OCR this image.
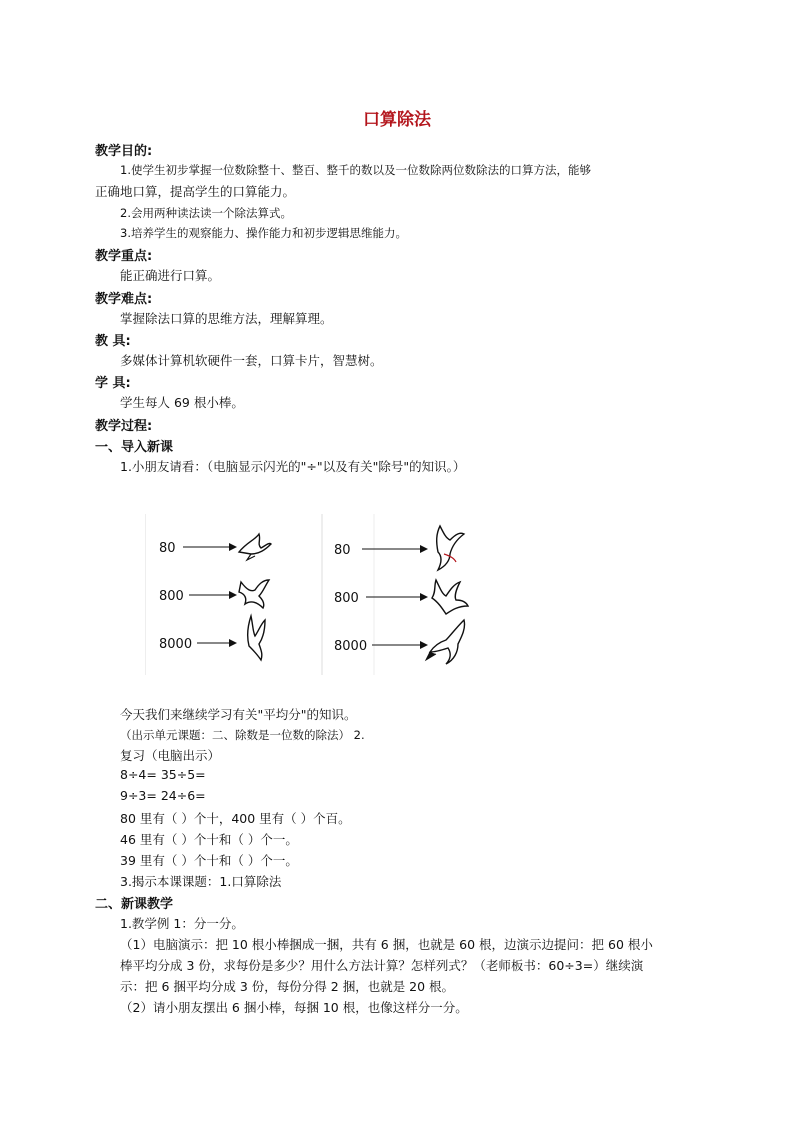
口算除法
教学目的:
1.使学生初步掌握一位数除整十、整百、整千的数以及一位数除两位数除法的口算方法，能够
正确地口算，提高学生的口算能力。
2.会用两种读法读一个除法算式。
3.培养学生的观察能力、操作能力和初步逻辑思维能力。
教学重点:
能正确进行口算。
教学难点:
掌握除法口算的思维方法，理解算理。
教 具:
多媒体计算机软硬件一套，口算卡片，智慧树。
学 具:
学生每人 69 根小棒。
教学过程:
一、导入新课
1.小朋友请看：（电脑显示闪光的"÷"以及有关"除号"的知识。）
80
800
8000
80
800
8000
今天我们来继续学习有关"平均分"的知识。
（出示单元课题：二、除数是一位数的除法） 2.
复习（电脑出示）
8÷4= 35÷5=
9÷3= 24÷6=
80 里有（ ）个十，400 里有（ ）个百。
46 里有（ ）个十和（ ）个一。
39 里有（ ）个十和（ ）个一。
3.揭示本课课题：1.口算除法
二、新课教学
1.教学例 1：分一分。
（1）电脑演示：把 10 根小棒捆成一捆，共有 6 捆，也就是 60 根，边演示边提问：把 60 根小
棒平均分成 3 份，求每份是多少？用什么方法计算？怎样列式？（老师板书：60÷3=）继续演
示：把 6 捆平均分成 3 份，每份分得 2 捆，也就是 20 根。
（2）请小朋友摆出 6 捆小棒，每捆 10 根，也像这样分一分。
